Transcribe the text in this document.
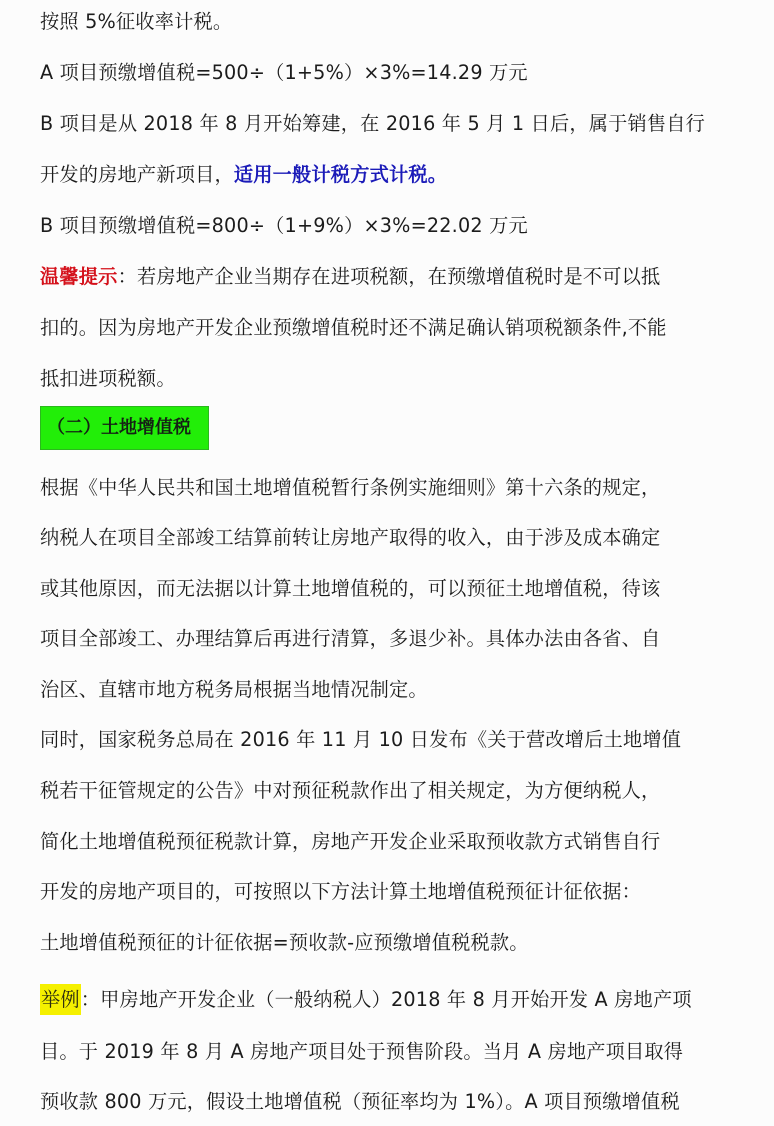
按照 5%征收率计税。
A 项目预缴增值税=500÷（1+5%）×3%=14.29 万元
B 项目是从 2018 年 8 月开始筹建，在 2016 年 5 月 1 日后，属于销售自行
开发的房地产新项目，适用一般计税方式计税。
B 项目预缴增值税=800÷（1+9%）×3%=22.02 万元
温馨提示：若房地产企业当期存在进项税额，在预缴增值税时是不可以抵
扣的。因为房地产开发企业预缴增值税时还不满足确认销项税额条件,不能
抵扣进项税额。
（二）土地增值税
根据《中华人民共和国土地增值税暂行条例实施细则》第十六条的规定，
纳税人在项目全部竣工结算前转让房地产取得的收入，由于涉及成本确定
或其他原因，而无法据以计算土地增值税的，可以预征土地增值税，待该
项目全部竣工、办理结算后再进行清算，多退少补。具体办法由各省、自
治区、直辖市地方税务局根据当地情况制定。
同时，国家税务总局在 2016 年 11 月 10 日发布《关于营改增后土地增值
税若干征管规定的公告》中对预征税款作出了相关规定，为方便纳税人，
简化土地增值税预征税款计算，房地产开发企业采取预收款方式销售自行
开发的房地产项目的，可按照以下方法计算土地增值税预征计征依据：
土地增值税预征的计征依据=预收款-应预缴增值税税款。
举例：甲房地产开发企业（一般纳税人）2018 年 8 月开始开发 A 房地产项
目。于 2019 年 8 月 A 房地产项目处于预售阶段。当月 A 房地产项目取得
预收款 800 万元，假设土地增值税（预征率均为 1%）。A 项目预缴增值税
